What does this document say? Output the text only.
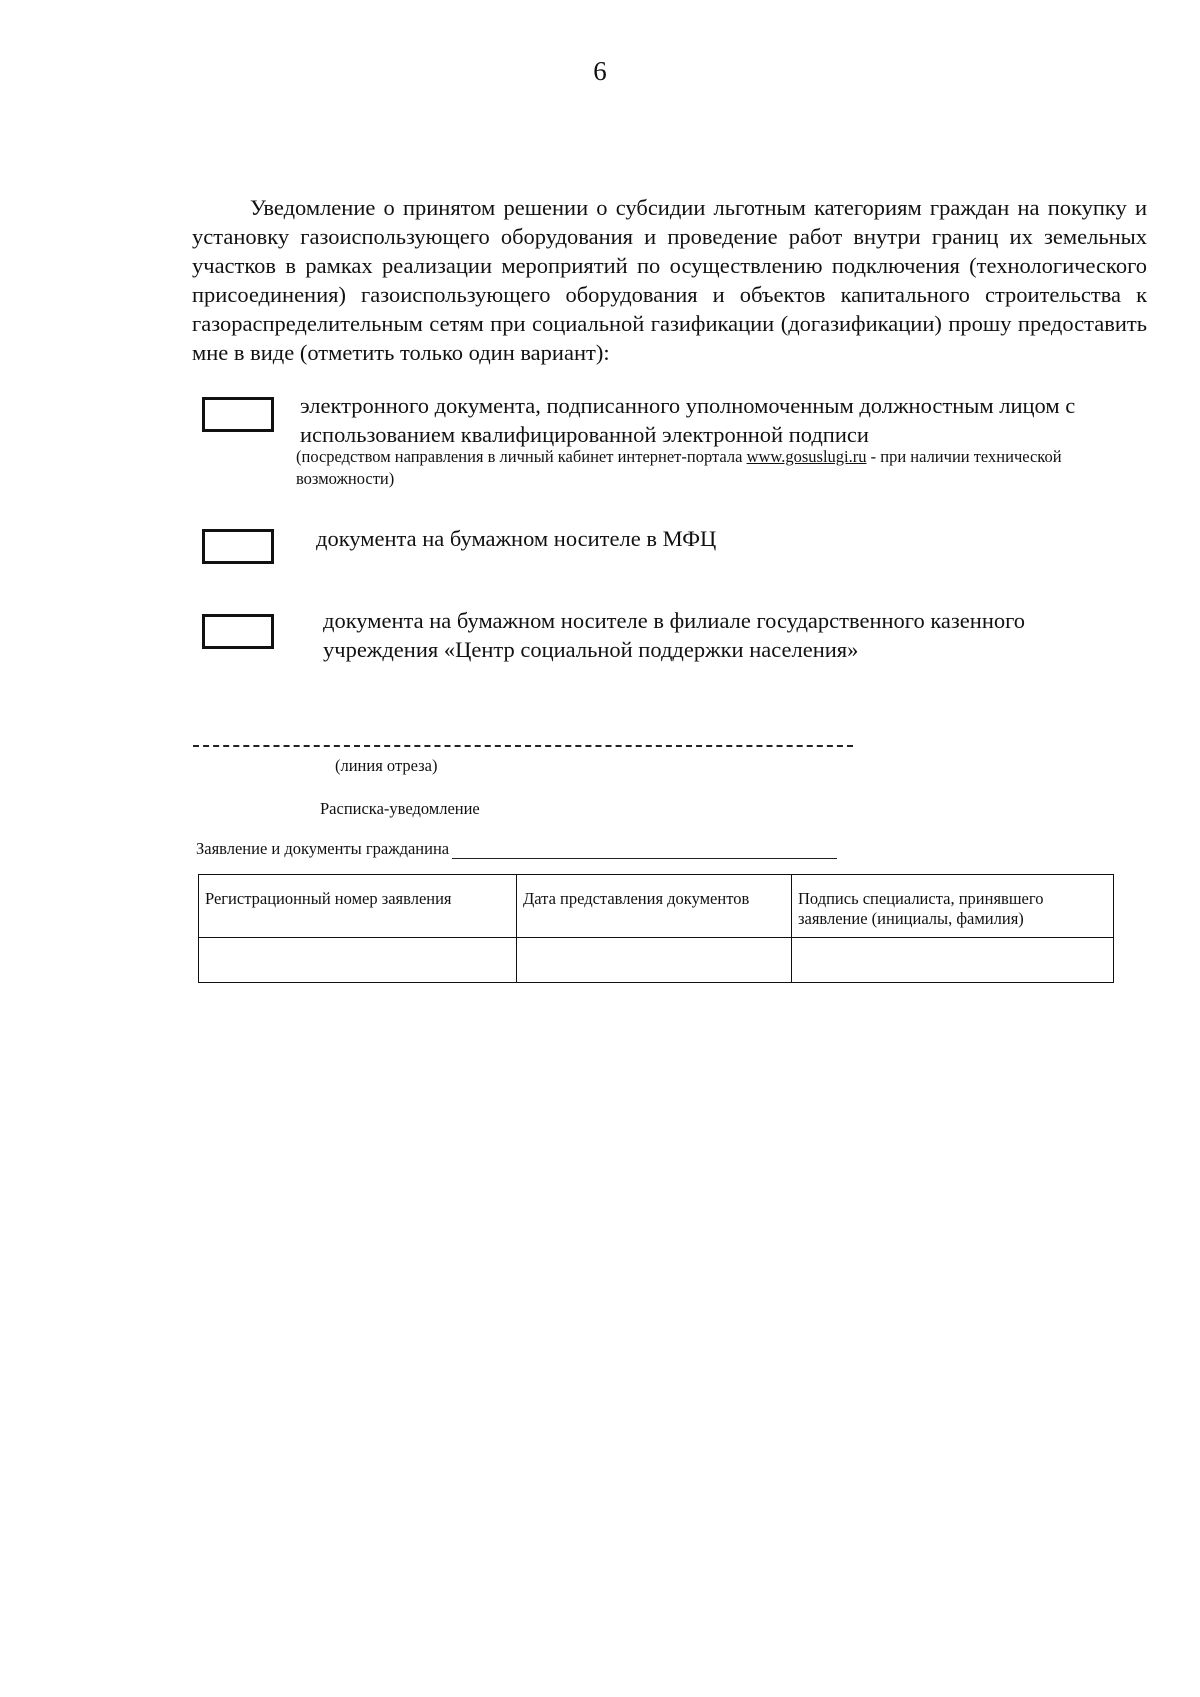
6

Уведомление о принятом решении о субсидии льготным категориям граждан на покупку и установку газоиспользующего оборудования и проведение работ внутри границ их земельных участков в рамках реализации мероприятий по осуществлению подключения (технологического присоединения) газоиспользующего оборудования и объектов капитального строительства к газораспределительным сетям при социальной газификации (догазификации) прошу предоставить мне в виде (отметить только один вариант):

электронного документа, подписанного уполномоченным должностным лицом с использованием квалифицированной электронной подписи
(посредством направления в личный кабинет интернет-портала www.gosuslugi.ru - при наличии технической возможности)
документа на бумажном носителе в МФЦ
документа на бумажном носителе в филиале государственного казенного учреждения «Центр социальной поддержки населения»
(линия отреза)
Расписка-уведомление
Заявление и документы гражданина
Регистрационный номер заявления	Дата представления документов	Подпись специалиста, принявшего заявление (инициалы, фамилия)
